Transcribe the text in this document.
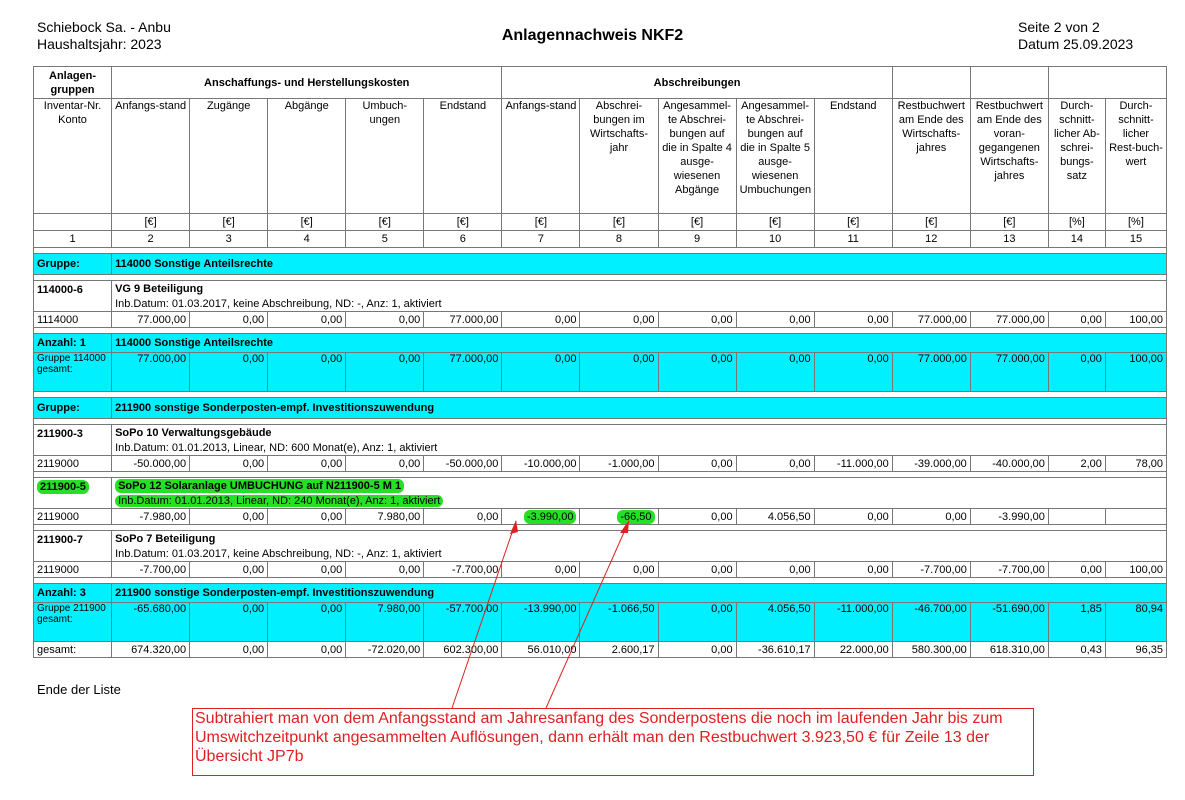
Schiebock Sa. - Anbu
Haushaltsjahr: 2023	Anlagennachweis NKF2	Seite 2 von 2
Datum 25.09.2023
Anlagen-gruppen	Anschaffungs- und Herstellungskosten					Abschreibungen								
Inventar-Nr. Konto	Anfangs-stand	Zugänge	Abgänge	Umbuch-ungen	Endstand	Anfangs-stand	Abschrei-bungen im Wirtschafts-jahr	Angesammel-te Abschrei-bungen auf die in Spalte 4 ausge-wiesenen Abgänge	Angesammel-te Abschrei-bungen auf die in Spalte 5 ausge-wiesenen Umbuchungen	Endstand	Restbuchwert am Ende des Wirtschafts-jahres	Restbuchwert am Ende des voran-gegangenen Wirtschafts-jahres	Durch-schnitt-licher Ab-schrei-bungs-satz	Durch-schnitt-licher Rest-buch-wert
	[€]	[€]	[€]	[€]	[€]	[€]	[€]	[€]	[€]	[€]	[€]	[€]	[%]	[%]
1	2	3	4	5	6	7	8	9	10	11	12	13	14	15

Gruppe:	114000 Sonstige Anteilsrechte													

114000-6	VG 9 Beteiligung													
	Inb.Datum: 01.03.2017, keine Abschreibung, ND: -, Anz: 1, aktiviert													
1114000	77.000,00	0,00	0,00	0,00	77.000,00	0,00	0,00	0,00	0,00	0,00	77.000,00	77.000,00	0,00	100,00

Anzahl: 1	114000 Sonstige Anteilsrechte													
Gruppe 114000 gesamt:	77.000,00	0,00	0,00	0,00	77.000,00	0,00	0,00	0,00	0,00	0,00	77.000,00	77.000,00	0,00	100,00

Gruppe:	211900 sonstige Sonderposten-empf. Investitionszuwendung													

211900-3	SoPo 10 Verwaltungsgebäude													
	Inb.Datum: 01.01.2013, Linear, ND: 600 Monat(e), Anz: 1, aktiviert													
2119000	-50.000,00	0,00	0,00	0,00	-50.000,00	-10.000,00	-1.000,00	0,00	0,00	-11.000,00	-39.000,00	-40.000,00	2,00	78,00

211900-5	SoPo 12 Solaranlage UMBUCHUNG auf N211900-5 M 1													
	Inb.Datum: 01.01.2013, Linear, ND: 240 Monat(e), Anz: 1, aktiviert													
2119000	-7.980,00	0,00	0,00	7.980,00	0,00	-3.990,00	-66,50	0,00	4.056,50	0,00	0,00	-3.990,00		

211900-7	SoPo 7 Beteiligung													
	Inb.Datum: 01.03.2017, keine Abschreibung, ND: -, Anz: 1, aktiviert													
2119000	-7.700,00	0,00	0,00	0,00	-7.700,00	0,00	0,00	0,00	0,00	0,00	-7.700,00	-7.700,00	0,00	100,00

Anzahl: 3	211900 sonstige Sonderposten-empf. Investitionszuwendung													
Gruppe 211900 gesamt:	-65.680,00	0,00	0,00	7.980,00	-57.700,00	-13.990,00	-1.066,50	0,00	4.056,50	-11.000,00	-46.700,00	-51.690,00	1,85	80,94
gesamt:	674.320,00	0,00	0,00	-72.020,00	602.300,00	56.010,00	2.600,17	0,00	-36.610,17	22.000,00	580.300,00	618.310,00	0,43	96,35
Ende der Liste
Subtrahiert man von dem Anfangsstand am Jahresanfang des Sonderpostens die noch im laufenden Jahr bis zum Umswitchzeitpunkt angesammelten Auflösungen, dann erhält man den Restbuchwert 3.923,50 € für Zeile 13 der Übersicht JP7b
